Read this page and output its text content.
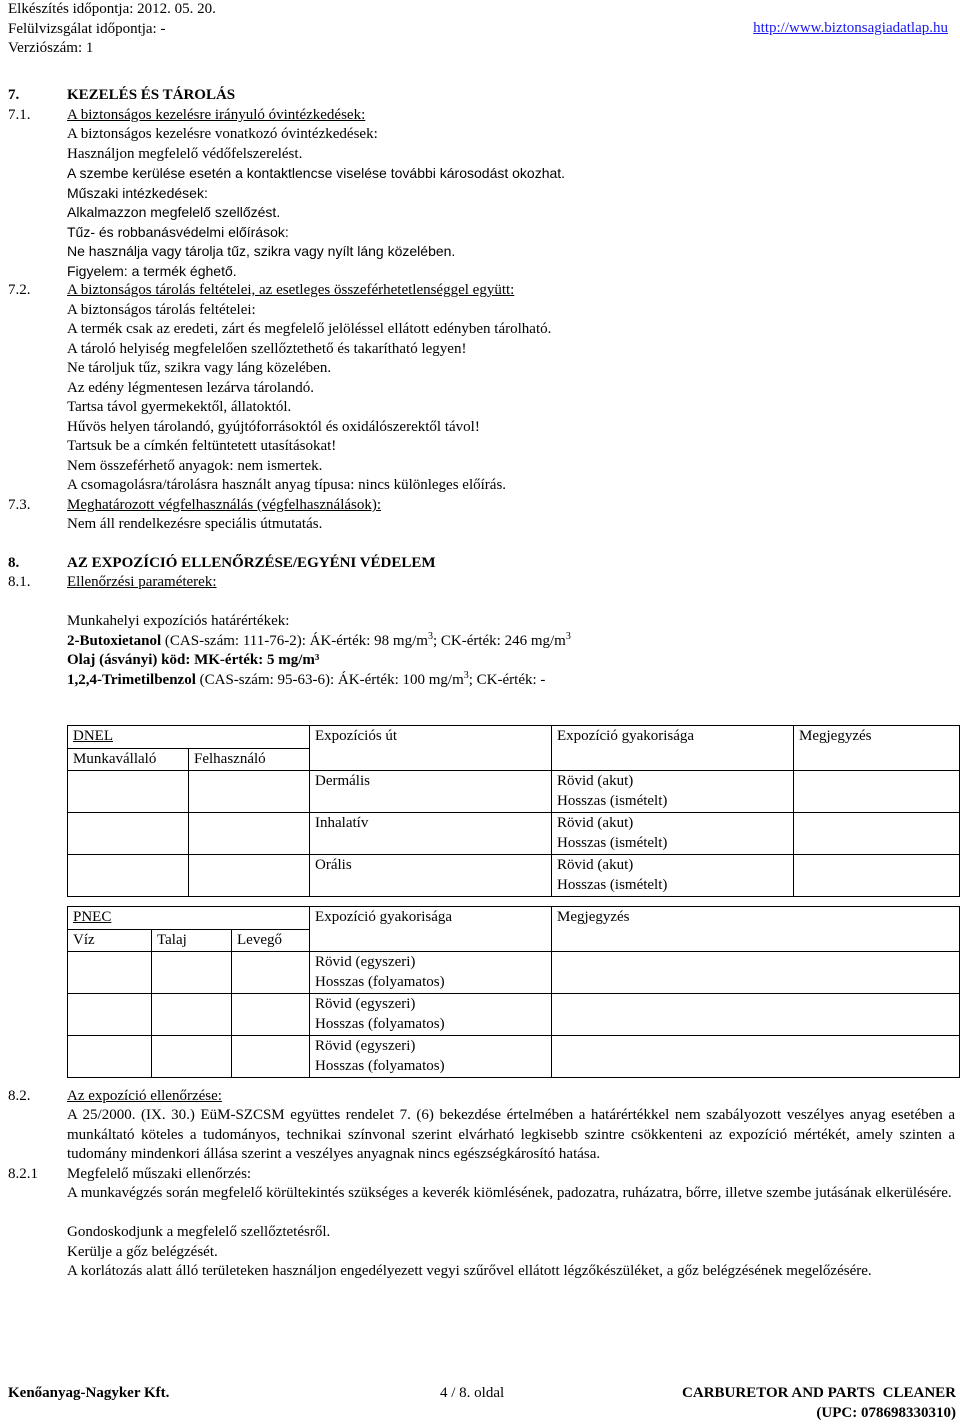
Elkészítés időpontja: 2012. 05. 20.
Felülvizsgálat időpontja: -
Verziószám: 1
http://www.biztonsagiadatlap.hu
7.	KEZELÉS ÉS TÁROLÁS
7.1. A biztonságos kezelésre irányuló óvintézkedések:
A biztonságos kezelésre vonatkozó óvintézkedések:
Használjon megfelelő védőfelszerelést.
A szembe kerülése esetén a kontaktlencse viselése további károsodást okozhat.
Műszaki intézkedések:
Alkalmazzon megfelelő szellőzést.
Tűz- és robbanásvédelmi előírások:
Ne használja vagy tárolja tűz, szikra vagy nyílt láng közelében.
Figyelem: a termék éghető.
7.2. A biztonságos tárolás feltételei, az esetleges összeférhetetlenséggel együtt:
A biztonságos tárolás feltételei:
A termék csak az eredeti, zárt és megfelelő jelöléssel ellátott edényben tárolható.
A tároló helyiség megfelelően szellőztethető és takarítható legyen!
Ne tároljuk tűz, szikra vagy láng közelében.
Az edény légmentesen lezárva tárolandó.
Tartsa távol gyermekektől, állatoktól.
Hűvös helyen tárolandó, gyújtóforrásoktól és oxidálószerektől távol!
Tartsuk be a címkén feltüntetett utasításokat!
Nem összeférhető anyagok: nem ismertek.
A csomagolásra/tárolásra használt anyag típusa: nincs különleges előírás.
7.3. Meghatározott végfelhasználás (végfelhasználások):
Nem áll rendelkezésre speciális útmutatás.
8.	AZ EXPOZÍCIÓ ELLENŐRZÉSE/EGYÉNI VÉDELEM
8.1. Ellenőrzési paraméterek:
Munkahelyi expozíciós határértékek:
2-Butoxietanol (CAS-szám: 111-76-2): ÁK-érték: 98 $mg/m^3$; CK-érték: 246 $mg/m^3$
Olaj (ásványi) köd: MK-érték: 5 mg/m³
1,2,4-Trimetilbenzol (CAS-szám: 95-63-6): ÁK-érték: 100 $mg/m^3$; CK-érték: -
DNEL		Expozíciós út	Expozíció gyakorisága	Megjegyzés
Munkavállaló	Felhasználó			
		Dermális	Rövid (akut)
Hosszas (ismételt)	

		Inhalatív	Rövid (akut)
Hosszas (ismételt)	

		Orális	Rövid (akut)
Hosszas (ismételt)	

PNEC			Expozíció gyakorisága	Megjegyzés
Víz	Talaj	Levegő		

			Rövid (egyszeri)
Hosszas (folyamatos)	

			Rövid (egyszeri)
Hosszas (folyamatos)	

			Rövid (egyszeri)
Hosszas (folyamatos)	

8.2. Az expozíció ellenőrzése:
A 25/2000. (IX. 30.) EüM-SZCSM együttes rendelet 7. (6) bekezdése értelmében a határértékkel nem szabályozott veszélyes anyag esetében a munkáltató köteles a tudományos, technikai színvonal szerint elvárható legkisebb szintre csökkenteni az expozíció mértékét, amely szinten a tudomány mindenkori állása szerint a veszélyes anyagnak nincs egészségkárosító hatása.
8.2.1 Megfelelő műszaki ellenőrzés:
A munkavégzés során megfelelő körültekintés szükséges a keverék kiömlésének, padozatra, ruházatra, bőrre, illetve szembe jutásának elkerülésére.
Gondoskodjunk a megfelelő szellőztetésről.
Kerülje a gőz belégzését.
A korlátozás alatt álló területeken használjon engedélyezett vegyi szűrővel ellátott légzőkészüléket, a gőz belégzésének megelőzésére.
Kenőanyag-Nagyker Kft.	4 / 8. oldal	CARBURETOR AND PARTS  CLEANER
(UPC: 078698330310)
